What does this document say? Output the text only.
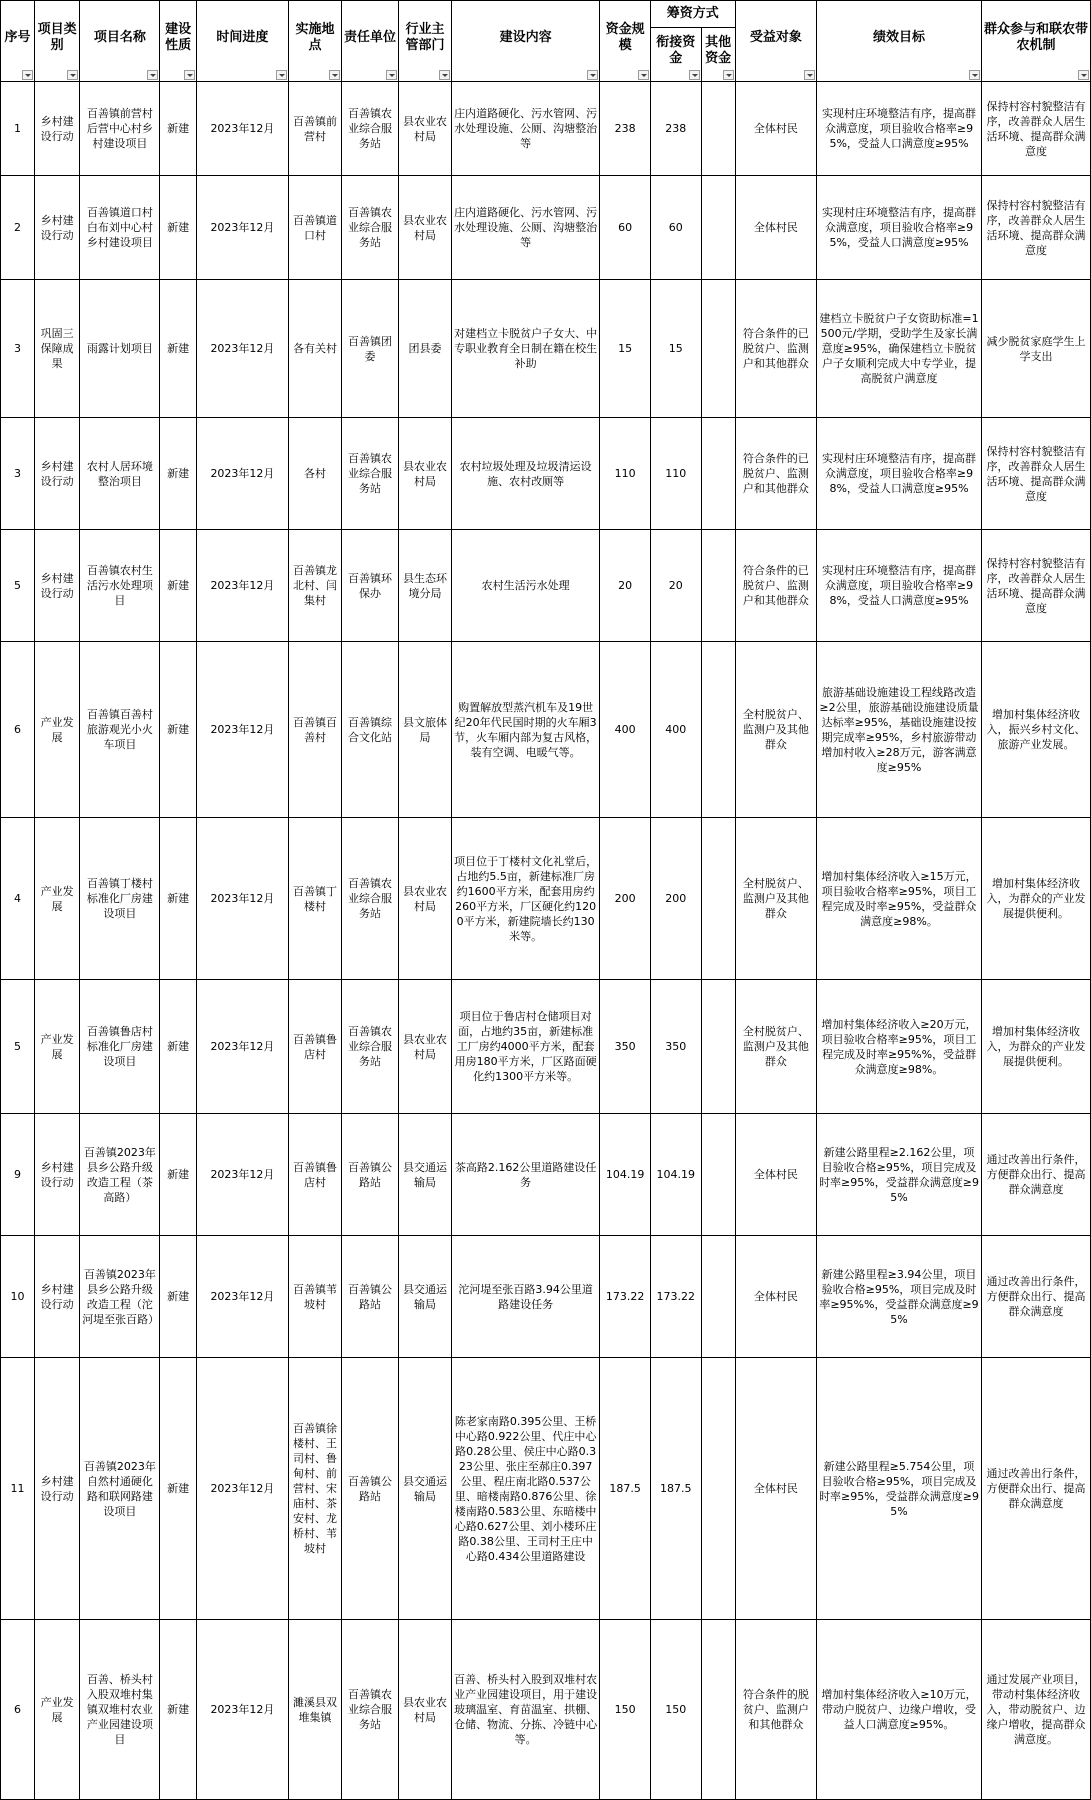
序号	项目类别	项目名称	建设性质	时间进度	实施地点	责任单位	行业主管部门	建设内容	资金规模	筹资方式		受益对象	绩效目标	群众参与和联农带农机制

										衔接资金	其他资金			

1	乡村建设行动	百善镇前营村后营中心村乡村建设项目	新建	2023年12月	百善镇前营村	百善镇农业综合服务站	县农业农村局	庄内道路硬化、污水管网、污水处理设施、公厕、沟塘整治等	238	238		全体村民	实现村庄环境整洁有序，提高群众满意度，项目验收合格率≥95%，受益人口满意度≥95%	保持村容村貌整洁有序，改善群众人居生活环境、提高群众满意度
2	乡村建设行动	百善镇道口村白布刘中心村乡村建设项目	新建	2023年12月	百善镇道口村	百善镇农业综合服务站	县农业农村局	庄内道路硬化、污水管网、污水处理设施、公厕、沟塘整治等	60	60		全体村民	实现村庄环境整洁有序，提高群众满意度，项目验收合格率≥95%，受益人口满意度≥95%	保持村容村貌整洁有序，改善群众人居生活环境、提高群众满意度
3	巩固三保障成果	雨露计划项目	新建	2023年12月	各有关村	百善镇团委	团县委	对建档立卡脱贫户子女大、中专职业教育全日制在籍在校生补助	15	15		符合条件的已脱贫户、监测户和其他群众	建档立卡脱贫户子女资助标准=1500元/学期，受助学生及家长满意度≥95%，确保建档立卡脱贫户子女顺利完成大中专学业，提高脱贫户满意度	减少脱贫家庭学生上学支出
3	乡村建设行动	农村人居环境整治项目	新建	2023年12月	各村	百善镇农业综合服务站	县农业农村局	农村垃圾处理及垃圾清运设施、农村改厕等	110	110		符合条件的已脱贫户、监测户和其他群众	实现村庄环境整洁有序，提高群众满意度，项目验收合格率≥98%，受益人口满意度≥95%	保持村容村貌整洁有序，改善群众人居生活环境、提高群众满意度
5	乡村建设行动	百善镇农村生活污水处理项目	新建	2023年12月	百善镇龙北村、闫集村	百善镇环保办	县生态环境分局	农村生活污水处理	20	20		符合条件的已脱贫户、监测户和其他群众	实现村庄环境整洁有序，提高群众满意度，项目验收合格率≥98%，受益人口满意度≥95%	保持村容村貌整洁有序，改善群众人居生活环境、提高群众满意度
6	产业发展	百善镇百善村旅游观光小火车项目	新建	2023年12月	百善镇百善村	百善镇综合文化站	县文旅体局	购置解放型蒸汽机车及19世纪20年代民国时期的火车厢3节，火车厢内部为复古风格，装有空调、电暖气等。	400	400		全村脱贫户、监测户及其他群众	旅游基础设施建设工程线路改造≥2公里，旅游基础设施建设质量达标率≥95%，基础设施建设按期完成率≥95%，乡村旅游带动增加村收入≥28万元，游客满意度≥95%	增加村集体经济收入，振兴乡村文化、旅游产业发展。
4	产业发展	百善镇丁楼村标准化厂房建设项目	新建	2023年12月	百善镇丁楼村	百善镇农业综合服务站	县农业农村局	项目位于丁楼村文化礼堂后，占地约5.5亩，新建标准厂房约1600平方米，配套用房约260平方米，厂区硬化约1200平方米，新建院墙长约130米等。	200	200		全村脱贫户、监测户及其他群众	增加村集体经济收入≥15万元，项目验收合格率≥95%，项目工程完成及时率≥95%，受益群众满意度≥98%。	增加村集体经济收入，为群众的产业发展提供便利。
5	产业发展	百善镇鲁店村标准化厂房建设项目	新建	2023年12月	百善镇鲁店村	百善镇农业综合服务站	县农业农村局	项目位于鲁店村仓储项目对面，占地约35亩，新建标准工厂房约4000平方米，配套用房180平方米，厂区路面硬化约1300平方米等。	350	350		全村脱贫户、监测户及其他群众	增加村集体经济收入≥20万元，项目验收合格率≥95%，项目工程完成及时率≥95%%，受益群众满意度≥98%。	增加村集体经济收入，为群众的产业发展提供便利。
9	乡村建设行动	百善镇2023年县乡公路升级改造工程（茶高路）	新建	2023年12月	百善镇鲁店村	百善镇公路站	县交通运输局	茶高路2.162公里道路建设任务	104.19	104.19		全体村民	新建公路里程≥2.162公里，项目验收合格≥95%，项目完成及时率≥95%，受益群众满意度≥95%	通过改善出行条件，方便群众出行、提高群众满意度
10	乡村建设行动	百善镇2023年县乡公路升级改造工程（沱河堤至张百路）	新建	2023年12月	百善镇苇坡村	百善镇公路站	县交通运输局	沱河堤至张百路3.94公里道路建设任务	173.22	173.22		全体村民	新建公路里程≥3.94公里，项目验收合格≥95%，项目完成及时率≥95%%，受益群众满意度≥95%	通过改善出行条件，方便群众出行、提高群众满意度
11	乡村建设行动	百善镇2023年自然村通硬化路和联网路建设项目	新建	2023年12月	百善镇徐楼村、王司村、鲁甸村、前营村、宋庙村、茶安村、龙桥村、苇坡村	百善镇公路站	县交通运输局	陈老家南路0.395公里、王桥中心路0.922公里、代庄中心路0.28公里、侯庄中心路0.323公里、张庄至郝庄0.397公里、程庄南北路0.537公里、暗楼南路0.876公里、徐楼南路0.583公里、东暗楼中心路0.627公里、刘小楼环庄路0.38公里、王司村王庄中心路0.434公里道路建设	187.5	187.5		全体村民	新建公路里程≥5.754公里，项目验收合格≥95%，项目完成及时率≥95%，受益群众满意度≥95%	通过改善出行条件，方便群众出行、提高群众满意度
6	产业发展	百善、桥头村入股双堆村集镇双堆村农业产业园建设项目	新建	2023年12月	濉溪县双堆集镇	百善镇农业综合服务站	县农业农村局	百善、桥头村入股到双堆村农业产业园建设项目，用于建设玻璃温室、育苗温室、拱棚、仓储、物流、分拣、冷链中心等。	150	150		符合条件的脱贫户、监测户和其他群众	增加村集体经济收入≥10万元，带动户脱贫户、边缘户增收，受益人口满意度≥95%。	通过发展产业项目，带动村集体经济收入，带动脱贫户、边缘户增收，提高群众满意度。
